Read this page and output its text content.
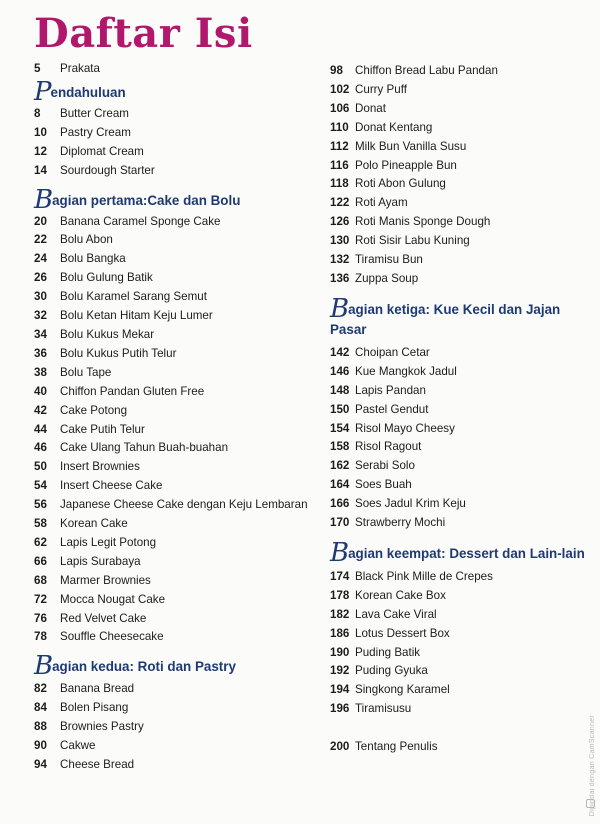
Daftar Isi
5	Prakata
Pendahuluan
8	Butter Cream
10	Pastry Cream
12	Diplomat Cream
14	Sourdough Starter
Bagian pertama:Cake dan Bolu
20	Banana Caramel Sponge Cake
22	Bolu Abon
24	Bolu Bangka
26	Bolu Gulung Batik
30	Bolu Karamel Sarang Semut
32	Bolu Ketan Hitam Keju Lumer
34	Bolu Kukus Mekar
36	Bolu Kukus Putih Telur
38	Bolu Tape
40	Chiffon Pandan Gluten Free
42	Cake Potong
44	Cake Putih Telur
46	Cake Ulang Tahun Buah-buahan
50	Insert Brownies
54	Insert Cheese Cake
56	Japanese Cheese Cake dengan Keju Lembaran
58	Korean Cake
62	Lapis Legit Potong
66	Lapis Surabaya
68	Marmer Brownies
72	Mocca Nougat Cake
76	Red Velvet Cake
78	Souffle Cheesecake
Bagian kedua: Roti dan Pastry
82	Banana Bread
84	Bolen Pisang
88	Brownies Pastry
90	Cakwe
94	Cheese Bread
98	Chiffon Bread Labu Pandan
102 Curry Puff
106 Donat
110 Donat Kentang
112 Milk Bun Vanilla Susu
116 Polo Pineapple Bun
118 Roti Abon Gulung
122 Roti Ayam
126 Roti Manis Sponge Dough
130 Roti Sisir Labu Kuning
132 Tiramisu Bun
136 Zuppa Soup
Bagian ketiga: Kue Kecil dan Jajan Pasar
142 Choipan Cetar
146 Kue Mangkok Jadul
148 Lapis Pandan
150 Pastel Gendut
154 Risol Mayo Cheesy
158 Risol Ragout
162 Serabi Solo
164 Soes Buah
166 Soes Jadul Krim Keju
170 Strawberry Mochi
Bagian keempat: Dessert dan Lain-lain
174 Black Pink Mille de Crepes
178 Korean Cake Box
182 Lava Cake Viral
186 Lotus Dessert Box
190 Puding Batik
192 Puding Gyuka
194 Singkong Karamel
196 Tiramisusu
200 Tentang Penulis	Dipindai dengan CamScanner
